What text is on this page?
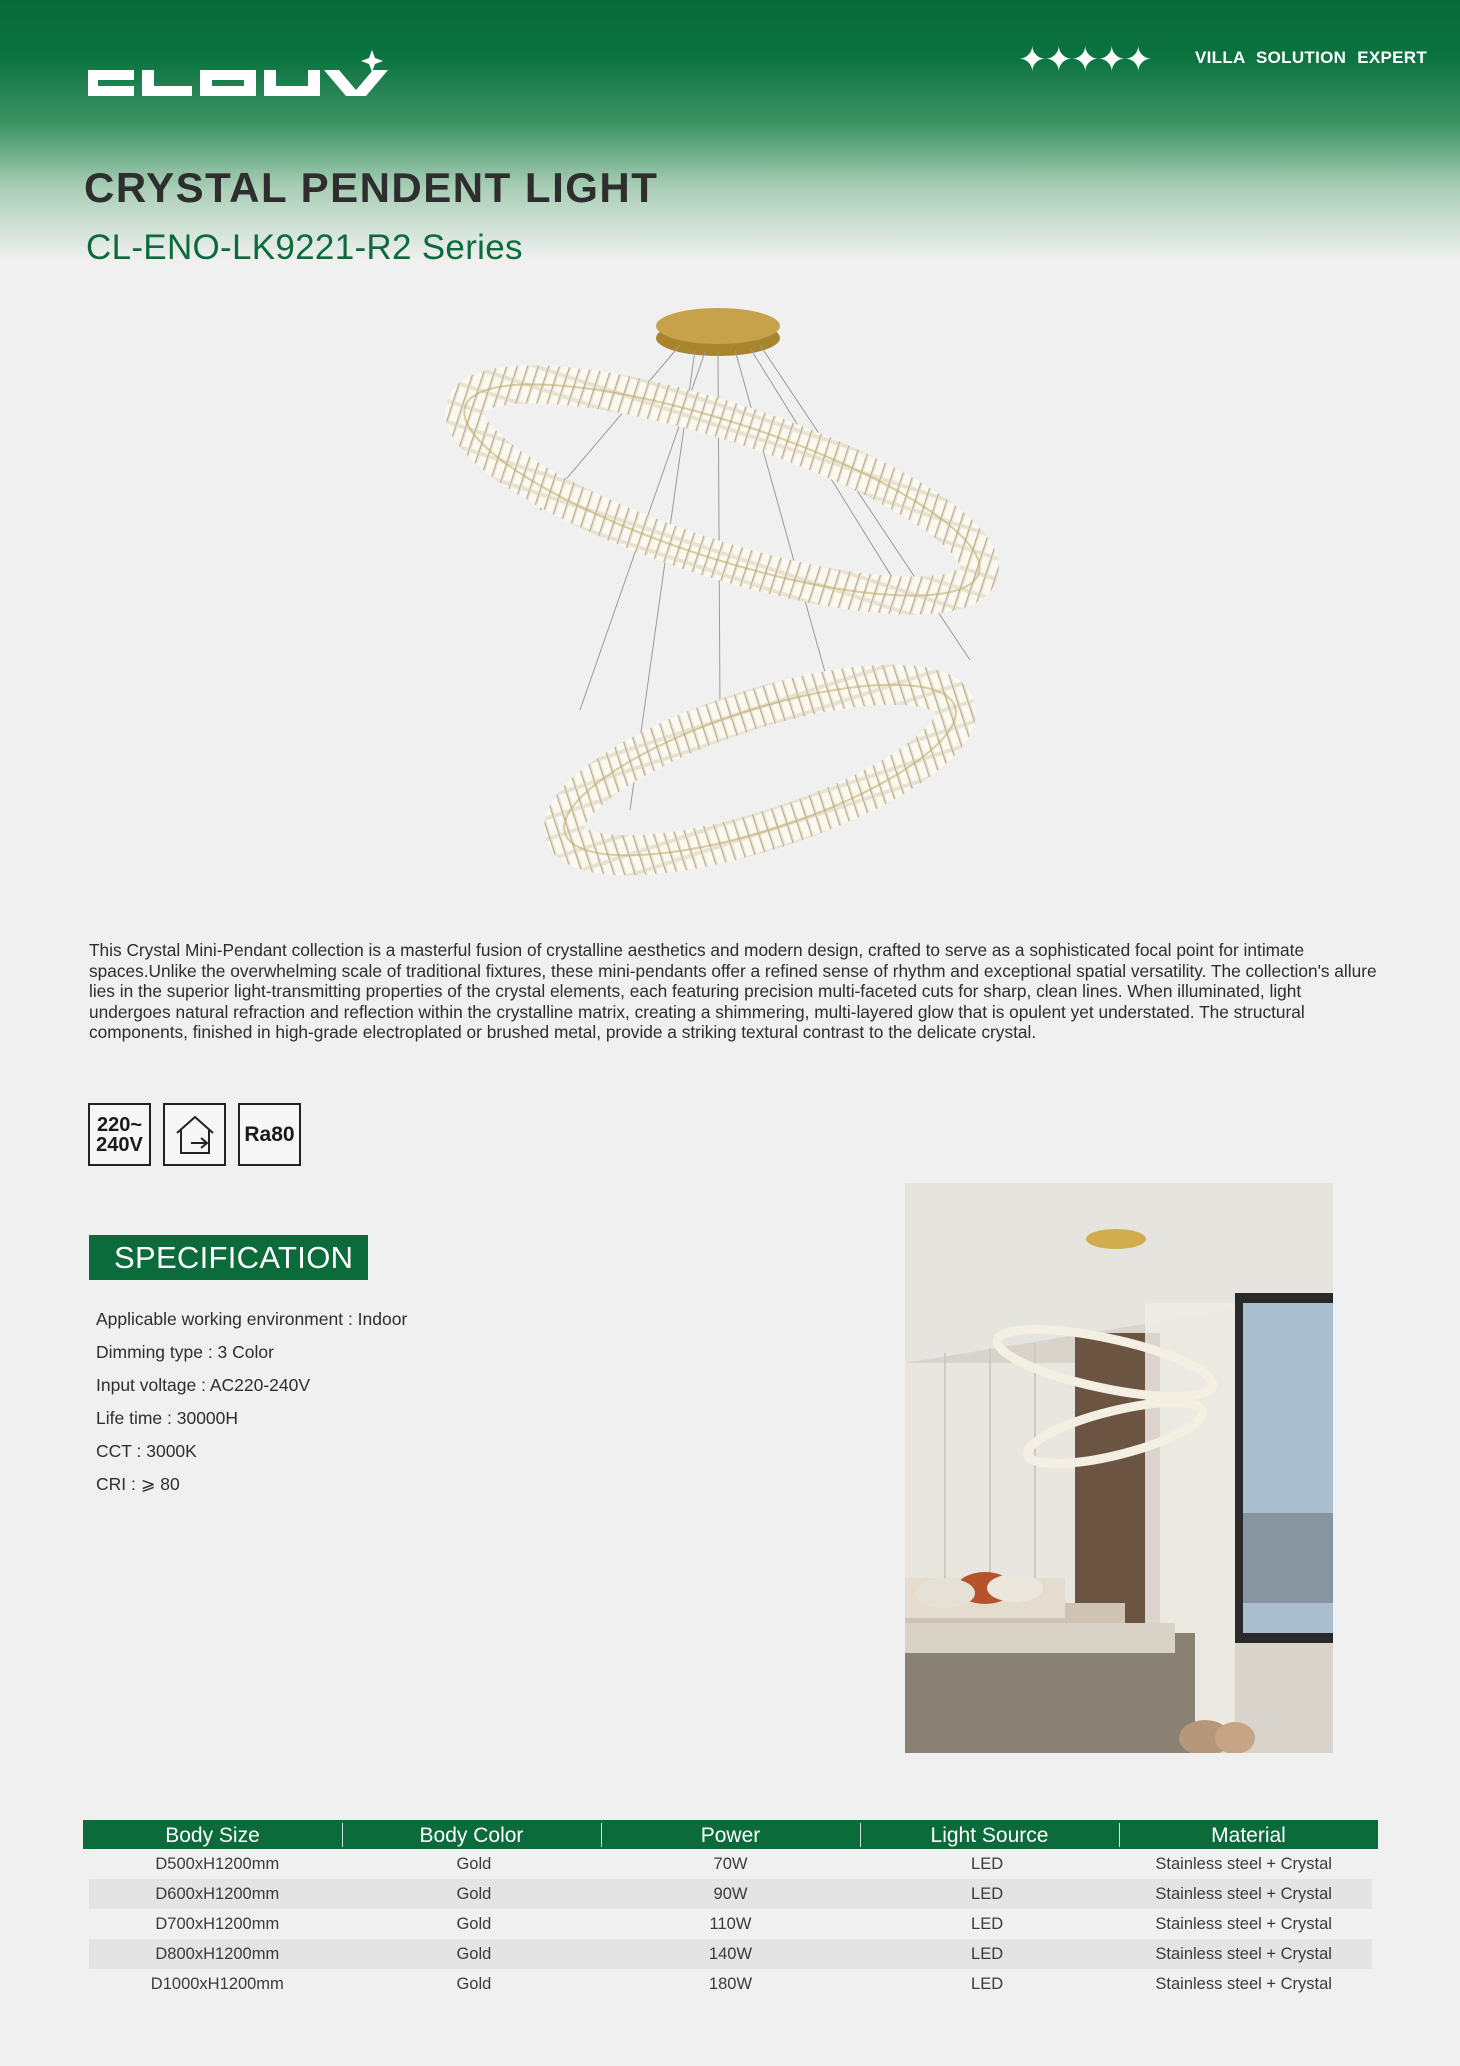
✦✦✦✦✦	VILLA SOLUTION EXPERT
CRYSTAL PENDENT LIGHT
CL-ENO-LK9221-R2 Series

This Crystal Mini-Pendant collection is a masterful fusion of crystalline aesthetics and modern design, crafted to serve as a sophisticated focal point for intimate spaces.Unlike the overwhelming scale of traditional fixtures, these mini-pendants offer a refined sense of rhythm and exceptional spatial versatility. The collection's allure lies in the superior light-transmitting properties of the crystal elements, each featuring precision multi-faceted cuts for sharp, clean lines. When illuminated, light undergoes natural refraction and reflection within the crystalline matrix, creating a shimmering, multi-layered glow that is opulent yet understated. The structural components, finished in high-grade electroplated or brushed metal, provide a striking textural contrast to the delicate crystal.

220~
240V	Ra80
SPECIFICATION
Applicable working environment : Indoor
Dimming type : 3 Color
Input voltage : AC220-240V
Life time : 30000H
CCT : 3000K
CRI : ⩾ 80
Body Size	Body Color	Power	Light Source	Material
D500xH1200mm	Gold	70W	LED	Stainless steel + Crystal
D600xH1200mm	Gold	90W	LED	Stainless steel + Crystal
D700xH1200mm	Gold	110W	LED	Stainless steel + Crystal
D800xH1200mm	Gold	140W	LED	Stainless steel + Crystal
D1000xH1200mm	Gold	180W	LED	Stainless steel + Crystal
